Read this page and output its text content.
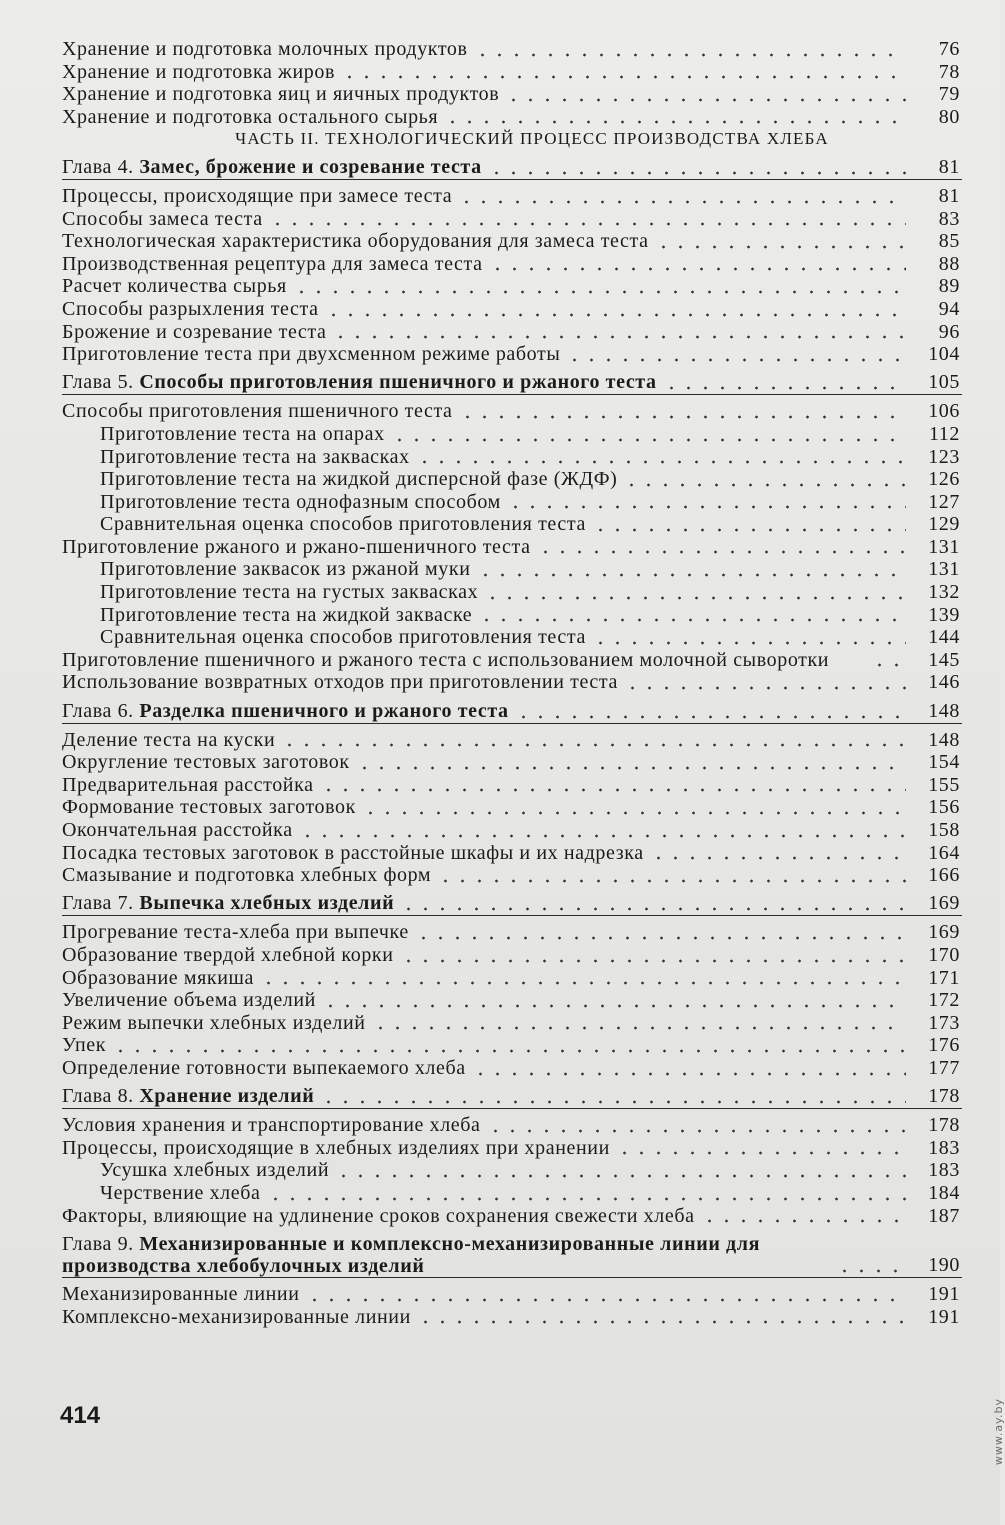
Хранение и подготовка молочных продуктов	76
Хранение и подготовка жиров	78
Хранение и подготовка яиц и яичных продуктов	79
Хранение и подготовка остального сырья	80
ЧАСТЬ II. ТЕХНОЛОГИЧЕСКИЙ ПРОЦЕСС ПРОИЗВОДСТВА ХЛЕБА
Глава 4. Замес, брожение и созревание теста	81
Процессы, происходящие при замесе теста	81
Способы замеса теста	83
Технологическая характеристика оборудования для замеса теста	85
Производственная рецептура для замеса теста	88
Расчет количества сырья	89
Способы разрыхления теста	94
Брожение и созревание теста	96
Приготовление теста при двухсменном режиме работы	104
Глава 5. Способы приготовления пшеничного и ржаного теста	105
Способы приготовления пшеничного теста	106
Приготовление теста на опарах	112
Приготовление теста на заквасках	123
Приготовление теста на жидкой дисперсной фазе (ЖДФ)	126
Приготовление теста однофазным способом	127
Сравнительная оценка способов приготовления теста	129
Приготовление ржаного и ржано-пшеничного теста	131
Приготовление заквасок из ржаной муки	131
Приготовление теста на густых заквасках	132
Приготовление теста на жидкой закваске	139
Сравнительная оценка способов приготовления теста	144
Приготовление пшеничного и ржаного теста с использованием молочной сыворотки	145
Использование возвратных отходов при приготовлении теста	146
Глава 6. Разделка пшеничного и ржаного теста	148
Деление теста на куски	148
Округление тестовых заготовок	154
Предварительная расстойка	155
Формование тестовых заготовок	156
Окончательная расстойка	158
Посадка тестовых заготовок в расстойные шкафы и их надрезка	164
Смазывание и подготовка хлебных форм	166
Глава 7. Выпечка хлебных изделий	169
Прогревание теста-хлеба при выпечке	169
Образование твердой хлебной корки	170
Образование мякиша	171
Увеличение объема изделий	172
Режим выпечки хлебных изделий	173
Упек	176
Определение готовности выпекаемого хлеба	177
Глава 8. Хранение изделий	178
Условия хранения и транспортирование хлеба	178
Процессы, происходящие в хлебных изделиях при хранении	183
Усушка хлебных изделий	183
Черствение хлеба	184
Факторы, влияющие на удлинение сроков сохранения свежести хлеба	187
Глава 9. Механизированные и комплексно-механизированные линии для производства хлебобулочных изделий	190
Механизированные линии	191
Комплексно-механизированные линии	191
414	www.ay.by
